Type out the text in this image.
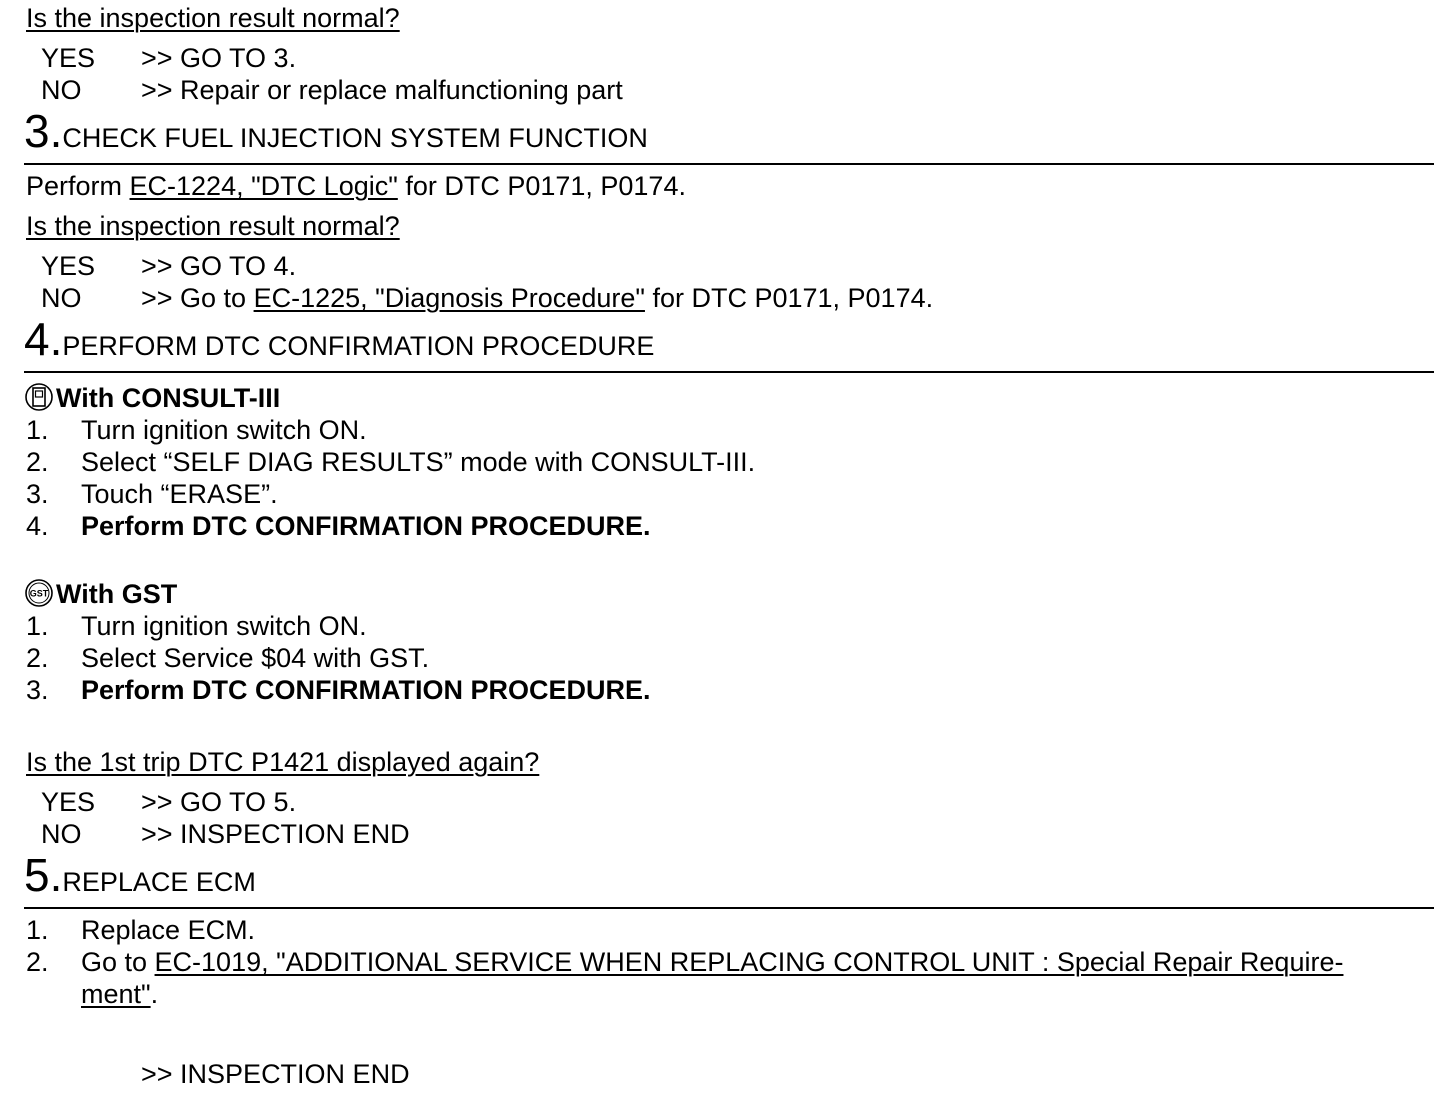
Is the inspection result normal?
YES >> GO TO 3.
NO >> Repair or replace malfunctioning part
3.CHECK FUEL INJECTION SYSTEM FUNCTION
Perform EC-1224, "DTC Logic" for DTC P0171, P0174.
Is the inspection result normal?
YES >> GO TO 4.
NO >> Go to EC-1225, "Diagnosis Procedure" for DTC P0171, P0174.
4.PERFORM DTC CONFIRMATION PROCEDURE
With CONSULT-III
1. Turn ignition switch ON.
2. Select “SELF DIAG RESULTS” mode with CONSULT-III.
3. Touch “ERASE”.
4. Perform DTC CONFIRMATION PROCEDURE.
GST With GST
1. Turn ignition switch ON.
2. Select Service $04 with GST.
3. Perform DTC CONFIRMATION PROCEDURE.
Is the 1st trip DTC P1421 displayed again?
YES >> GO TO 5.
NO >> INSPECTION END
5.REPLACE ECM
1. Replace ECM.
2. Go to EC-1019, "ADDITIONAL SERVICE WHEN REPLACING CONTROL UNIT : Special Repair Require-
ment".
>> INSPECTION END
